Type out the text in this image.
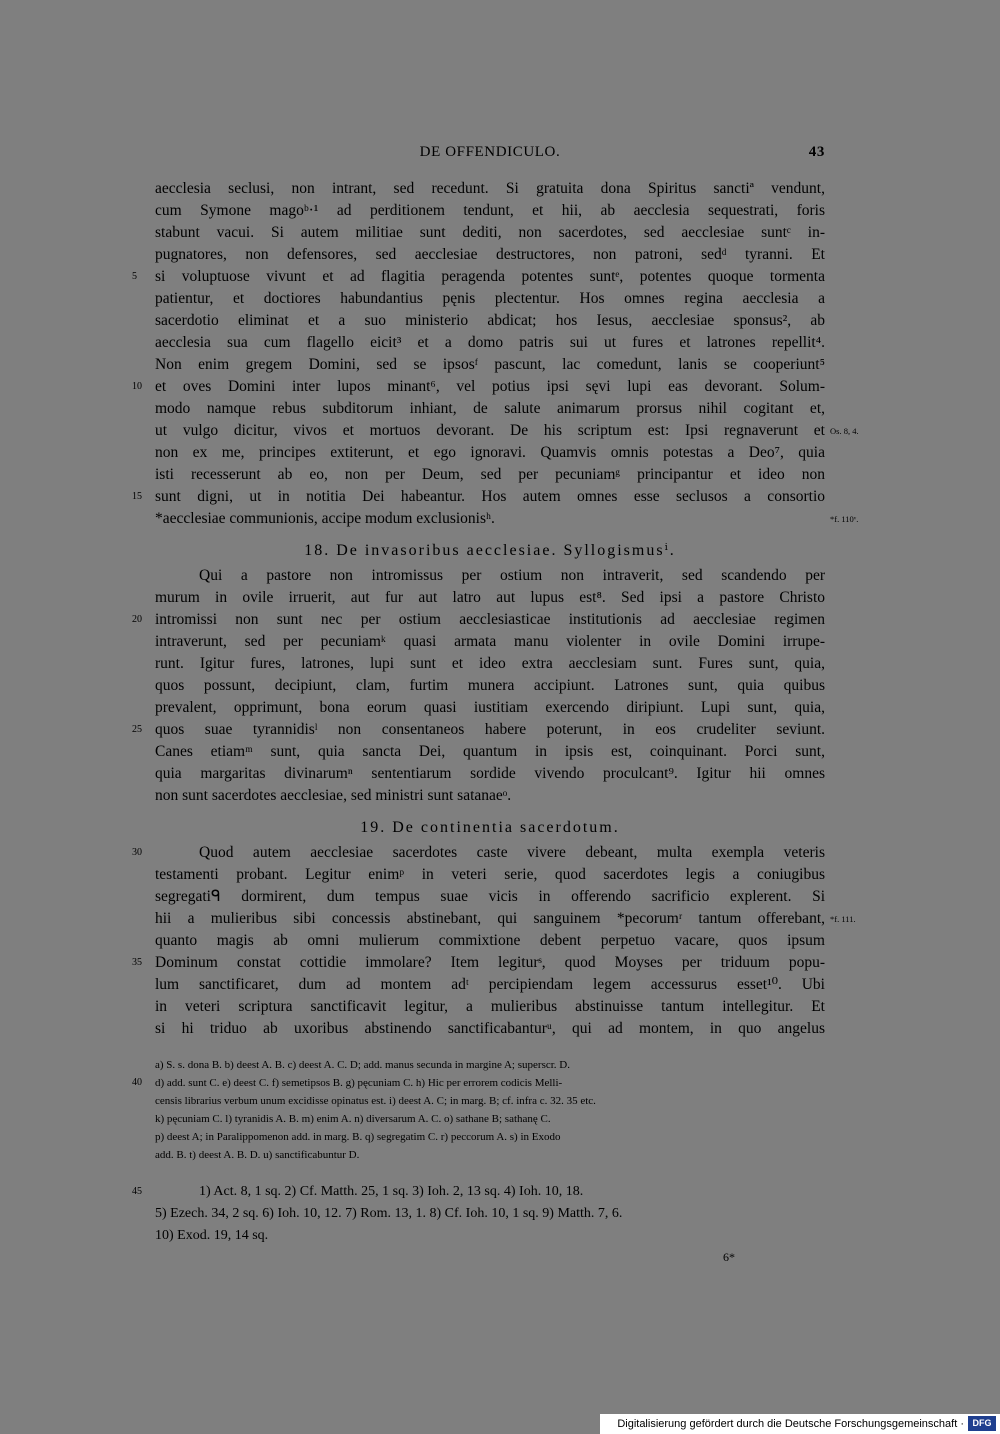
DE OFFENDICULO.	43
aecclesia seclusi, non intrant, sed recedunt. Si gratuita dona Spiritus sanctiª vendunt,
cum Symone magoᵇ·¹ ad perditionem tendunt, et hii, ab aecclesia sequestrati, foris
stabunt vacui. Si autem militiae sunt dediti, non sacerdotes, sed aecclesiae suntᶜ in-
pugnatores, non defensores, sed aecclesiae destructores, non patroni, sedᵈ tyranni. Et
si voluptuose vivunt et ad flagitia peragenda potentes suntᵉ, potentes quoque tormenta
patientur, et doctiores habundantius pęnis plectentur. Hos omnes regina aecclesia a
sacerdotio eliminat et a suo ministerio abdicat; hos Iesus, aecclesiae sponsus², ab
aecclesia sua cum flagello eicit³ et a domo patris sui ut fures et latrones repellit⁴.
Non enim gregem Domini, sed se ipsosᶠ pascunt, lac comedunt, lanis se cooperiunt⁵
et oves Domini inter lupos minant⁶, vel potius ipsi sęvi lupi eas devorant. Solum-
modo namque rebus subditorum inhiant, de salute animarum prorsus nihil cogitant et,
ut vulgo dicitur, vivos et mortuos devorant. De his scriptum est: Ipsi regnaverunt et
non ex me, principes extiterunt, et ego ignoravi. Quamvis omnis potestas a Deo⁷, quia
isti recesserunt ab eo, non per Deum, sed per pecuniamᵍ principantur et ideo non
sunt digni, ut in notitia Dei habeantur. Hos autem omnes esse seclusos a consortio
*aecclesiae communionis, accipe modum exclusionisʰ.
18. De invasoribus aecclesiae. Syllogismusⁱ.
Qui a pastore non intromissus per ostium non intraverit, sed scandendo per
murum in ovile irruerit, aut fur aut latro aut lupus est⁸. Sed ipsi a pastore Christo
intromissi non sunt nec per ostium aecclesiasticae institutionis ad aecclesiae regimen
intraverunt, sed per pecuniamᵏ quasi armata manu violenter in ovile Domini irrupe-
runt. Igitur fures, latrones, lupi sunt et ideo extra aecclesiam sunt. Fures sunt, quia,
quos possunt, decipiunt, clam, furtim munera accipiunt. Latrones sunt, quia quibus
prevalent, opprimunt, bona eorum quasi iustitiam exercendo diripiunt. Lupi sunt, quia,
quos suae tyrannidisˡ non consentaneos habere poterunt, in eos crudeliter seviunt.
Canes etiamᵐ sunt, quia sancta Dei, quantum in ipsis est, coinquinant. Porci sunt,
quia margaritas divinarumⁿ sententiarum sordide vivendo proculcant⁹. Igitur hii omnes
non sunt sacerdotes aecclesiae, sed ministri sunt satanaeᵒ.
19. De continentia sacerdotum.
Quod autem aecclesiae sacerdotes caste vivere debeant, multa exempla veteris
testamenti probant. Legitur enimᵖ in veteri serie, quod sacerdotes legis a coniugibus
segregatiᑫ dormirent, dum tempus suae vicis in offerendo sacrificio explerent. Si
hii a mulieribus sibi concessis abstinebant, qui sanguinem *pecorumʳ tantum offerebant,
quanto magis ab omni mulierum commixtione debent perpetuo vacare, quos ipsum
Dominum constat cottidie immolare? Item legiturˢ, quod Moyses per triduum popu-
lum sanctificaret, dum ad montem adᵗ percipiendam legem accessurus esset¹⁰. Ubi
in veteri scriptura sanctificavit legitur, a mulieribus abstinuisse tantum intellegitur. Et
si hi triduo ab uxoribus abstinendo sanctificabanturᵘ, qui ad montem, in quo angelus
5
10
15
20
25
30
35
40
45
Os. 8, 4.
*f. 110ᵛ.
*f. 111.
a) S. s. dona B. b) deest A. B. c) deest A. C. D; add. manus secunda in margine A; superscr. D.
d) add. sunt C. e) deest C. f) semetipsos B. g) pęcuniam C. h) Hic per errorem codicis Melli-
censis librarius verbum unum excidisse opinatus est. i) deest A. C; in marg. B; cf. infra c. 32. 35 etc.
k) pęcuniam C. l) tyranidis A. B. m) enim A. n) diversarum A. C. o) sathane B; sathanę C.
p) deest A; in Paralippomenon add. in marg. B. q) segregatim C. r) peccorum A. s) in Exodo
add. B. t) deest A. B. D. u) sanctificabuntur D.
1) Act. 8, 1 sq. 2) Cf. Matth. 25, 1 sq. 3) Ioh. 2, 13 sq. 4) Ioh. 10, 18.
5) Ezech. 34, 2 sq. 6) Ioh. 10, 12. 7) Rom. 13, 1. 8) Cf. Ioh. 10, 1 sq. 9) Matth. 7, 6.
10) Exod. 19, 14 sq.
6*
Digitalisierung gefördert durch die Deutsche Forschungsgemeinschaft · DFG
